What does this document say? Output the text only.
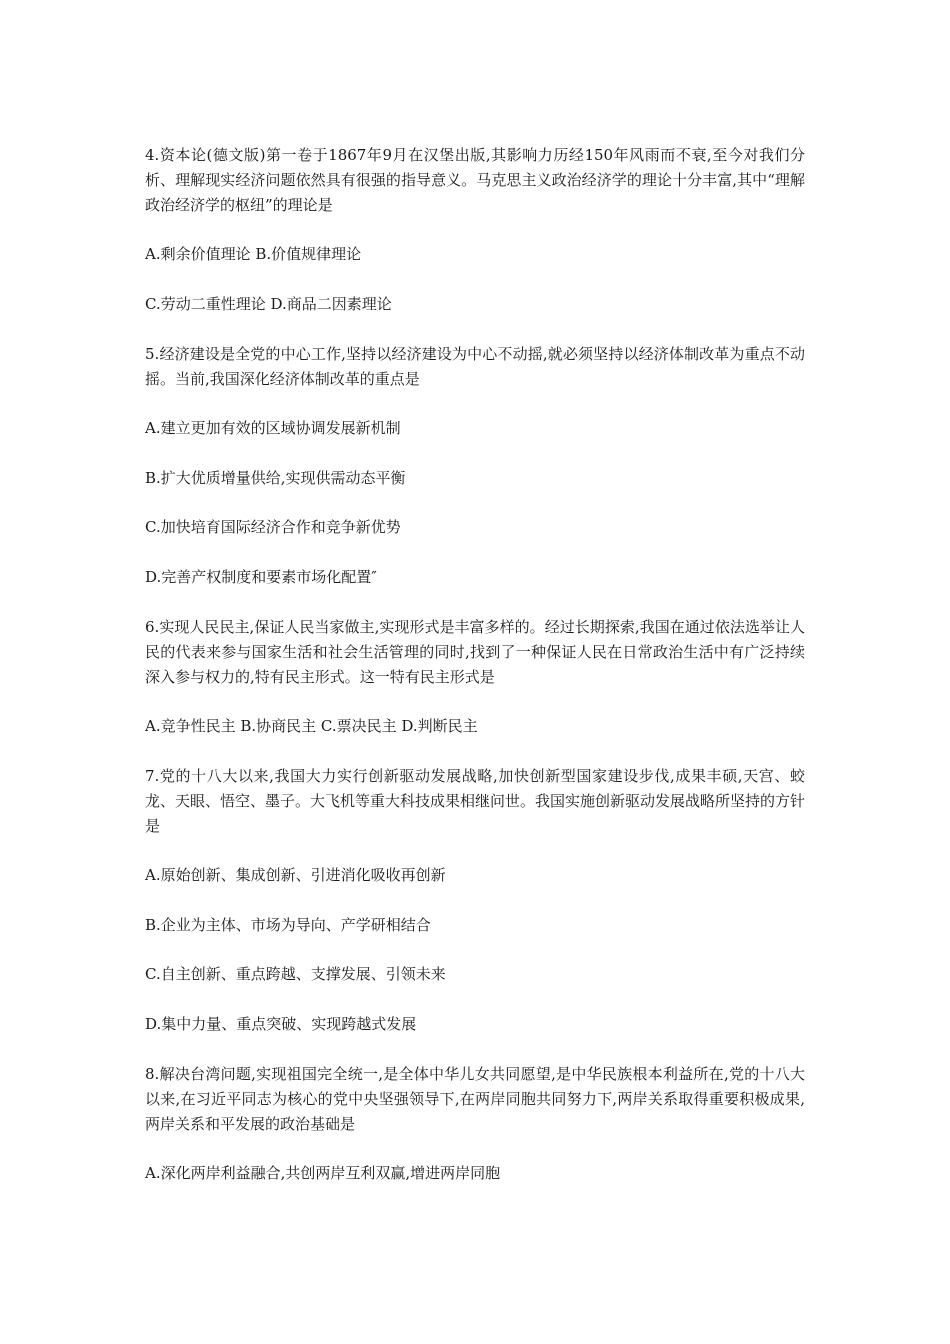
4.资本论(德文版)第一卷于1867年9月在汉堡出版,其影响力历经150年风雨而不衰,至今对我们分析、理解现实经济问题依然具有很强的指导意义。马克思主义政治经济学的理论十分丰富,其中“理解政治经济学的枢纽”的理论是

A.剩余价值理论 B.价值规律理论

C.劳动二重性理论 D.商品二因素理论

5.经济建设是全党的中心工作,坚持以经济建设为中心不动摇,就必须坚持以经济体制改革为重点不动摇。当前,我国深化经济体制改革的重点是

A.建立更加有效的区域协调发展新机制

B.扩大优质增量供给,实现供需动态平衡

C.加快培育国际经济合作和竞争新优势

D.完善产权制度和要素市场化配置″

6.实现人民民主,保证人民当家做主,实现形式是丰富多样的。经过长期探索,我国在通过依法选举让人民的代表来参与国家生活和社会生活管理的同时,找到了一种保证人民在日常政治生活中有广泛持续深入参与权力的,特有民主形式。这一特有民主形式是

A.竞争性民主 B.协商民主 C.票决民主 D.判断民主

7.党的十八大以来,我国大力实行创新驱动发展战略,加快创新型国家建设步伐,成果丰硕,天宫、蛟龙、天眼、悟空、墨子。大飞机等重大科技成果相继问世。我国实施创新驱动发展战略所坚持的方针是

A.原始创新、集成创新、引进消化吸收再创新

B.企业为主体、市场为导向、产学研相结合

C.自主创新、重点跨越、支撑发展、引领未来

D.集中力量、重点突破、实现跨越式发展

8.解决台湾问题,实现祖国完全统一,是全体中华儿女共同愿望,是中华民族根本利益所在,党的十八大以来,在习近平同志为核心的党中央坚强领导下,在两岸同胞共同努力下,两岸关系取得重要积极成果,两岸关系和平发展的政治基础是

A.深化两岸利益融合,共创两岸互利双赢,增进两岸同胞
